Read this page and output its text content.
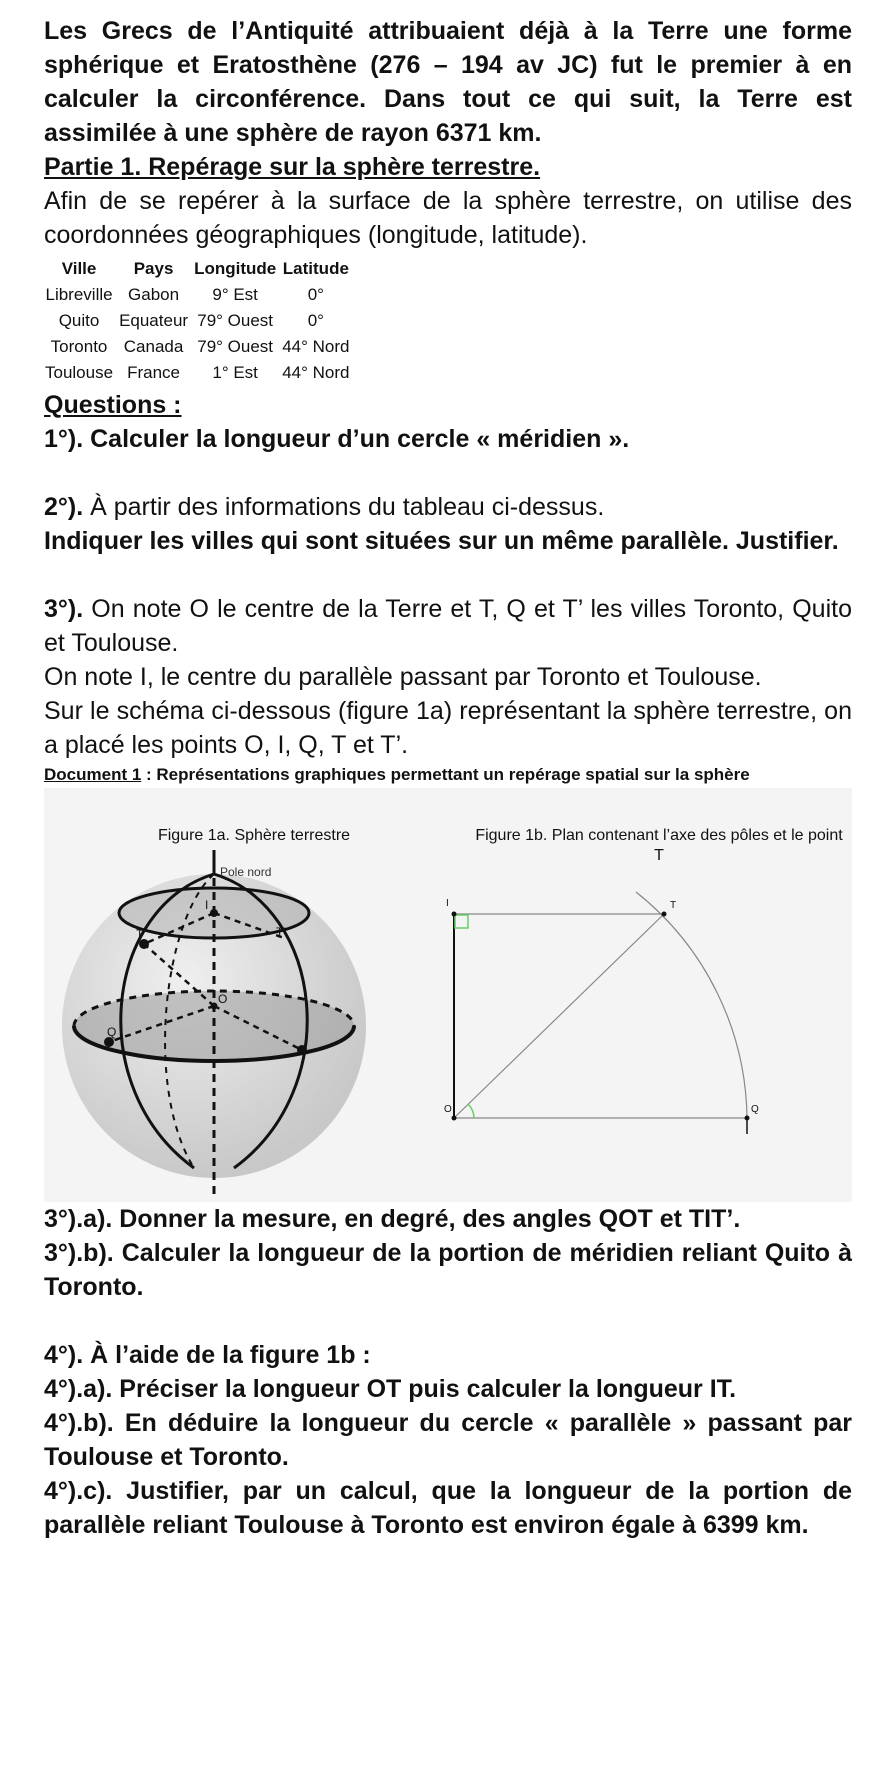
Les Grecs de l’Antiquité attribuaient déjà à la Terre une forme sphérique et Eratosthène (276 – 194 av JC) fut le premier à en calculer la circonférence. Dans tout ce qui suit, la Terre est assimilée à une sphère de rayon 6371 km.

Partie 1. Repérage sur la sphère terrestre.

Afin de se repérer à la surface de la sphère terrestre, on utilise des coordonnées géographiques (longitude, latitude).

Ville	Pays	Longitude	Latitude
Libreville	Gabon	9° Est	0°
Quito	Equateur	79° Ouest	0°
Toronto	Canada	79° Ouest	44° Nord
Toulouse	France	1° Est	44° Nord

Questions :

1°). Calculer la longueur d’un cercle « méridien ».

2°). À partir des informations du tableau ci-dessus.

Indiquer les villes qui sont situées sur un même parallèle. Justifier.

3°). On note O le centre de la Terre et T, Q et T’ les villes Toronto, Quito et Toulouse.

On note I, le centre du parallèle passant par Toronto et Toulouse.

Sur le schéma ci-dessous (figure 1a) représentant la sphère terrestre, on a placé les points O, I, Q, T et T’.

Document 1 : Représentations graphiques permettant un repérage spatial sur la sphère
Figure 1a. Sphère terrestre	Figure 1b. Plan contenant l’axe des pôles et le point T
Pole nord
I
T	T’
O
Q
I	T
O	Q

3°).a). Donner la mesure, en degré, des angles QOT et TIT’.

3°).b). Calculer la longueur de la portion de méridien reliant Quito à Toronto.

4°). À l’aide de la figure 1b :

4°).a). Préciser la longueur OT puis calculer la longueur IT.

4°).b). En déduire la longueur du cercle « parallèle » passant par Toulouse et Toronto.

4°).c). Justifier, par un calcul, que la longueur de la portion de parallèle reliant Toulouse à Toronto est environ égale à 6399 km.
